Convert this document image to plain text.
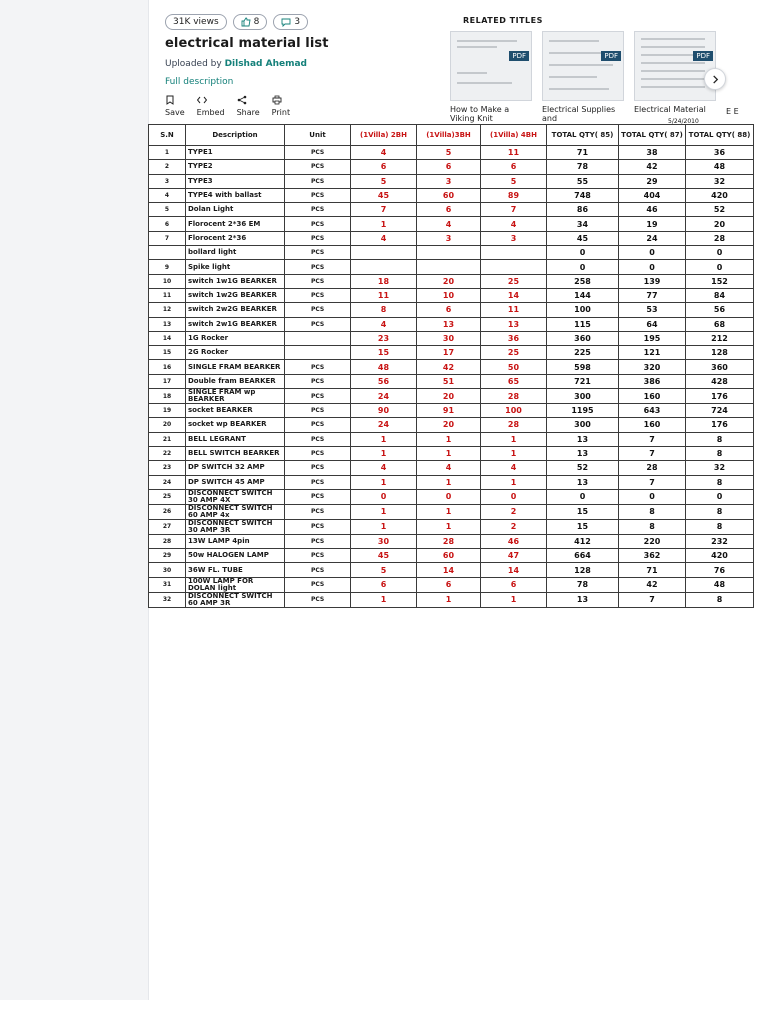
31K views	8	3
electrical material list
Uploaded by Dilshad Ahemad
Full description
Save Embed Share Print
RELATED TITLES
PDF
How to Make a Viking Knit
PDF
Electrical Supplies and
PDF
Electrical Material	E E
5/24/2010
S.N	Description	Unit	(1Villa) 2BH	(1Villa)3BH	(1Villa) 4BH	TOTAL QTY( 85)	TOTAL QTY( 87)	TOTAL QTY( 88)
1	TYPE1	PCS	4	5	11	71	38	36
2	TYPE2	PCS	6	6	6	78	42	48
3	TYPE3	PCS	5	3	5	55	29	32
4	TYPE4 with ballast	PCS	45	60	89	748	404	420
5	Dolan Light	PCS	7	6	7	86	46	52
6	Florocent 2*36 EM	PCS	1	4	4	34	19	20
7	Florocent 2*36	PCS	4	3	3	45	24	28
	bollard light	PCS				0	0	0
9	Spike light	PCS				0	0	0
10	switch 1w1G BEARKER	PCS	18	20	25	258	139	152
11	switch 1w2G BEARKER	PCS	11	10	14	144	77	84
12	switch 2w2G BEARKER	PCS	8	6	11	100	53	56
13	switch 2w1G BEARKER	PCS	4	13	13	115	64	68
14	1G Rocker		23	30	36	360	195	212
15	2G Rocker		15	17	25	225	121	128
16	SINGLE FRAM BEARKER	PCS	48	42	50	598	320	360
17	Double fram BEARKER	PCS	56	51	65	721	386	428
18	SINGLE FRAM wp BEARKER	PCS	24	20	28	300	160	176
19	socket BEARKER	PCS	90	91	100	1195	643	724
20	socket wp BEARKER	PCS	24	20	28	300	160	176
21	BELL LEGRANT	PCS	1	1	1	13	7	8
22	BELL SWITCH BEARKER	PCS	1	1	1	13	7	8
23	DP SWITCH 32 AMP	PCS	4	4	4	52	28	32
24	DP SWITCH 45 AMP	PCS	1	1	1	13	7	8
25	DISCONNECT SWITCH 30 AMP 4X	PCS	0	0	0	0	0	0
26	DISCONNECT SWITCH 60 AMP 4x	PCS	1	1	2	15	8	8
27	DISCONNECT SWITCH 30 AMP 3R	PCS	1	1	2	15	8	8
28	13W LAMP 4pin	PCS	30	28	46	412	220	232
29	50w HALOGEN LAMP	PCS	45	60	47	664	362	420
30	36W FL. TUBE	PCS	5	14	14	128	71	76
31	100W LAMP FOR DOLAN light	PCS	6	6	6	78	42	48
32	DISCONNECT SWITCH 60 AMP 3R	PCS	1	1	1	13	7	8
